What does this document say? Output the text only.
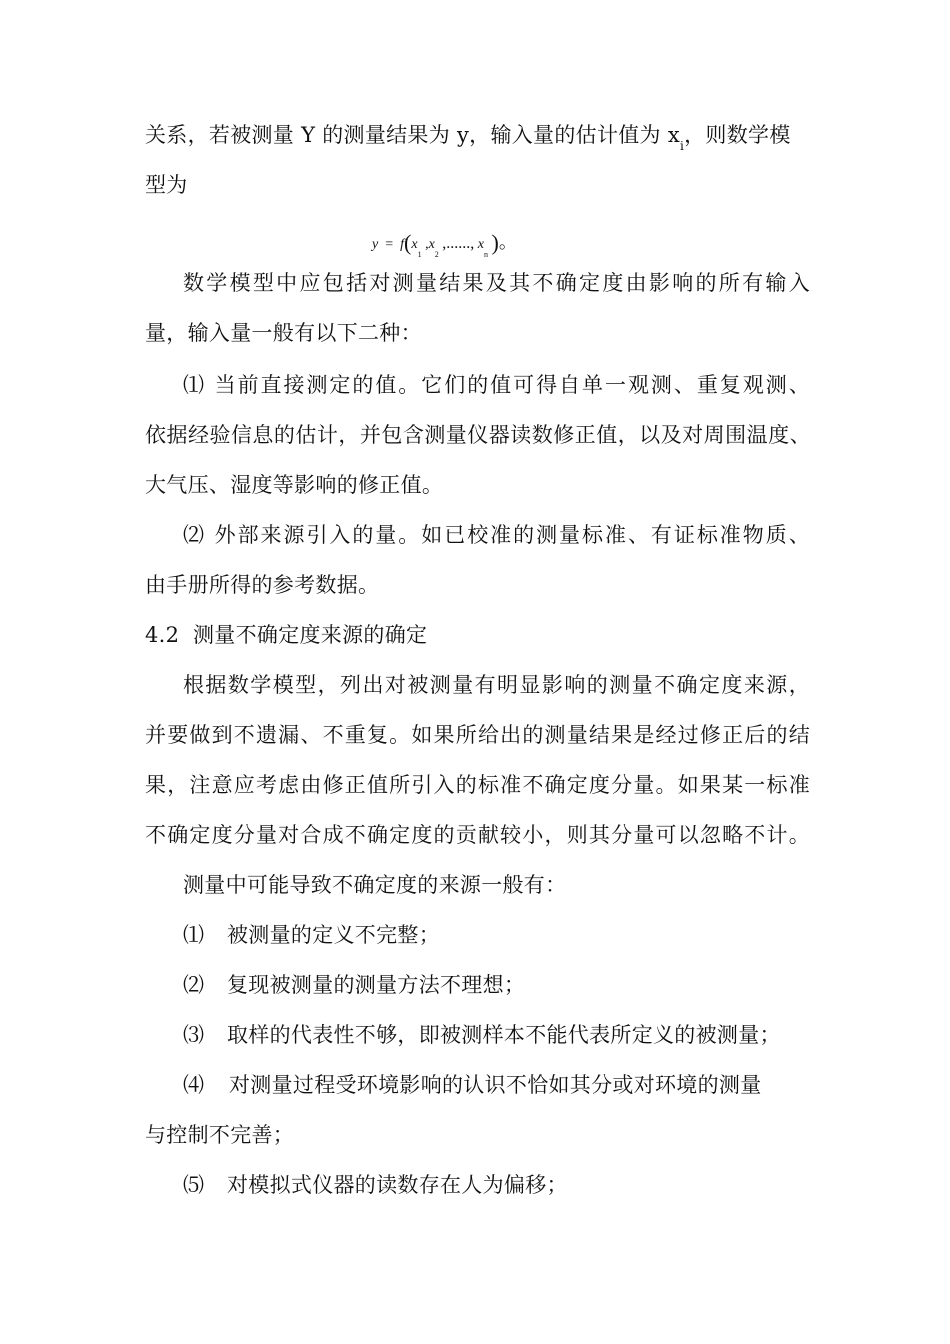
关系，若被测量 Y 的测量结果为 y，输入量的估计值为 $x_i$，则数学模
型为
$y = f(x_1$ $,x_2$ ,......, $x_n$ )。
数学模型中应包括对测量结果及其不确定度由影响的所有输入
量，输入量一般有以下二种：
⑴ 当前直接测定的值。它们的值可得自单一观测、重复观测、
依据经验信息的估计，并包含测量仪器读数修正值，以及对周围温度、
大气压、湿度等影响的修正值。
⑵ 外部来源引入的量。如已校准的测量标准、有证标准物质、
由手册所得的参考数据。
4.2 测量不确定度来源的确定
根据数学模型，列出对被测量有明显影响的测量不确定度来源，
并要做到不遗漏、不重复。如果所给出的测量结果是经过修正后的结
果，注意应考虑由修正值所引入的标准不确定度分量。如果某一标准
不确定度分量对合成不确定度的贡献较小，则其分量可以忽略不计。
测量中可能导致不确定度的来源一般有：
⑴ 被测量的定义不完整；
⑵ 复现被测量的测量方法不理想；
⑶ 取样的代表性不够，即被测样本不能代表所定义的被测量；
⑷ 对测量过程受环境影响的认识不恰如其分或对环境的测量
与控制不完善；
⑸ 对模拟式仪器的读数存在人为偏移；
